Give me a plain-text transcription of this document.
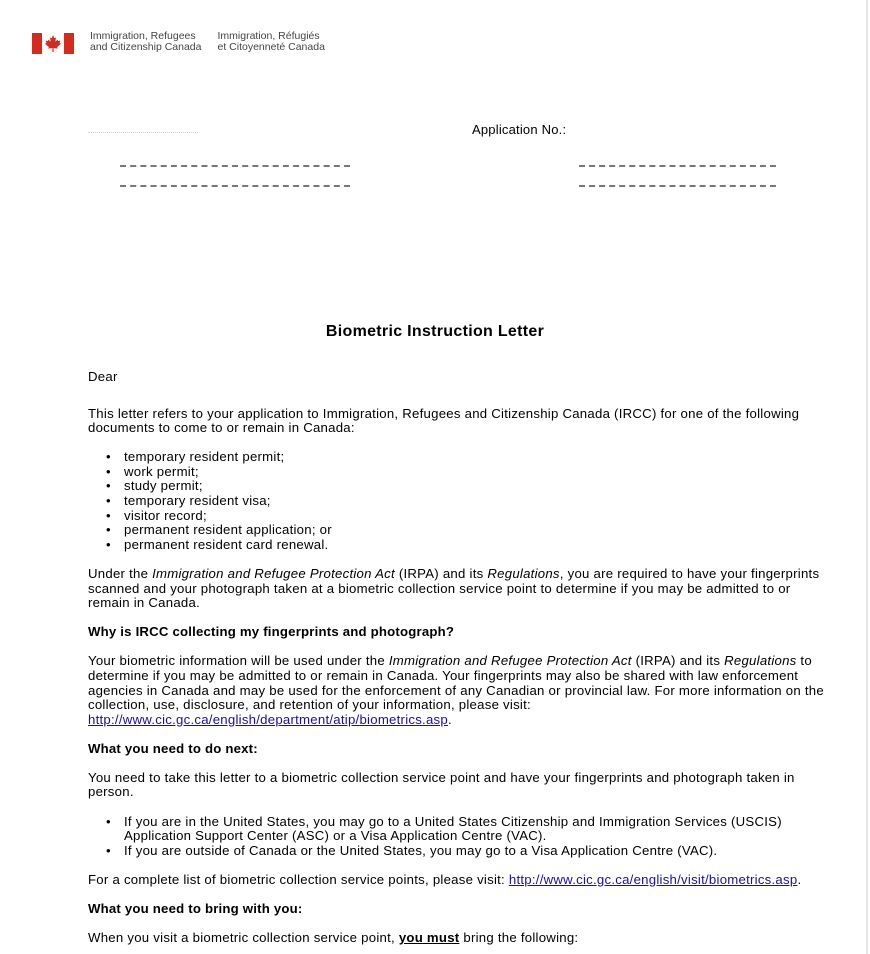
Immigration, Refugees
and Citizenship Canada
Immigration, Réfugiés
et Citoyenneté Canada
Application No.:
Biometric Instruction Letter

Dear

This letter refers to your application to Immigration, Refugees and Citizenship Canada (IRCC) for one of the following documents to come to or remain in Canada:

• temporary resident permit;
• work permit;
• study permit;
• temporary resident visa;
• visitor record;
• permanent resident application; or
• permanent resident card renewal.

Under the Immigration and Refugee Protection Act (IRPA) and its Regulations, you are required to have your fingerprints scanned and your photograph taken at a biometric collection service point to determine if you may be admitted to or remain in Canada.

Why is IRCC collecting my fingerprints and photograph?

Your biometric information will be used under the Immigration and Refugee Protection Act (IRPA) and its Regulations to determine if you may be admitted to or remain in Canada. Your fingerprints may also be shared with law enforcement agencies in Canada and may be used for the enforcement of any Canadian or provincial law. For more information on the collection, use, disclosure, and retention of your information, please visit:
http://www.cic.gc.ca/english/department/atip/biometrics.asp.

What you need to do next:

You need to take this letter to a biometric collection service point and have your fingerprints and photograph taken in person.

• If you are in the United States, you may go to a United States Citizenship and Immigration Services (USCIS) Application Support Center (ASC) or a Visa Application Centre (VAC).
• If you are outside of Canada or the United States, you may go to a Visa Application Centre (VAC).

For a complete list of biometric collection service points, please visit: http://www.cic.gc.ca/english/visit/biometrics.asp.

What you need to bring with you:

When you visit a biometric collection service point, you must bring the following:
